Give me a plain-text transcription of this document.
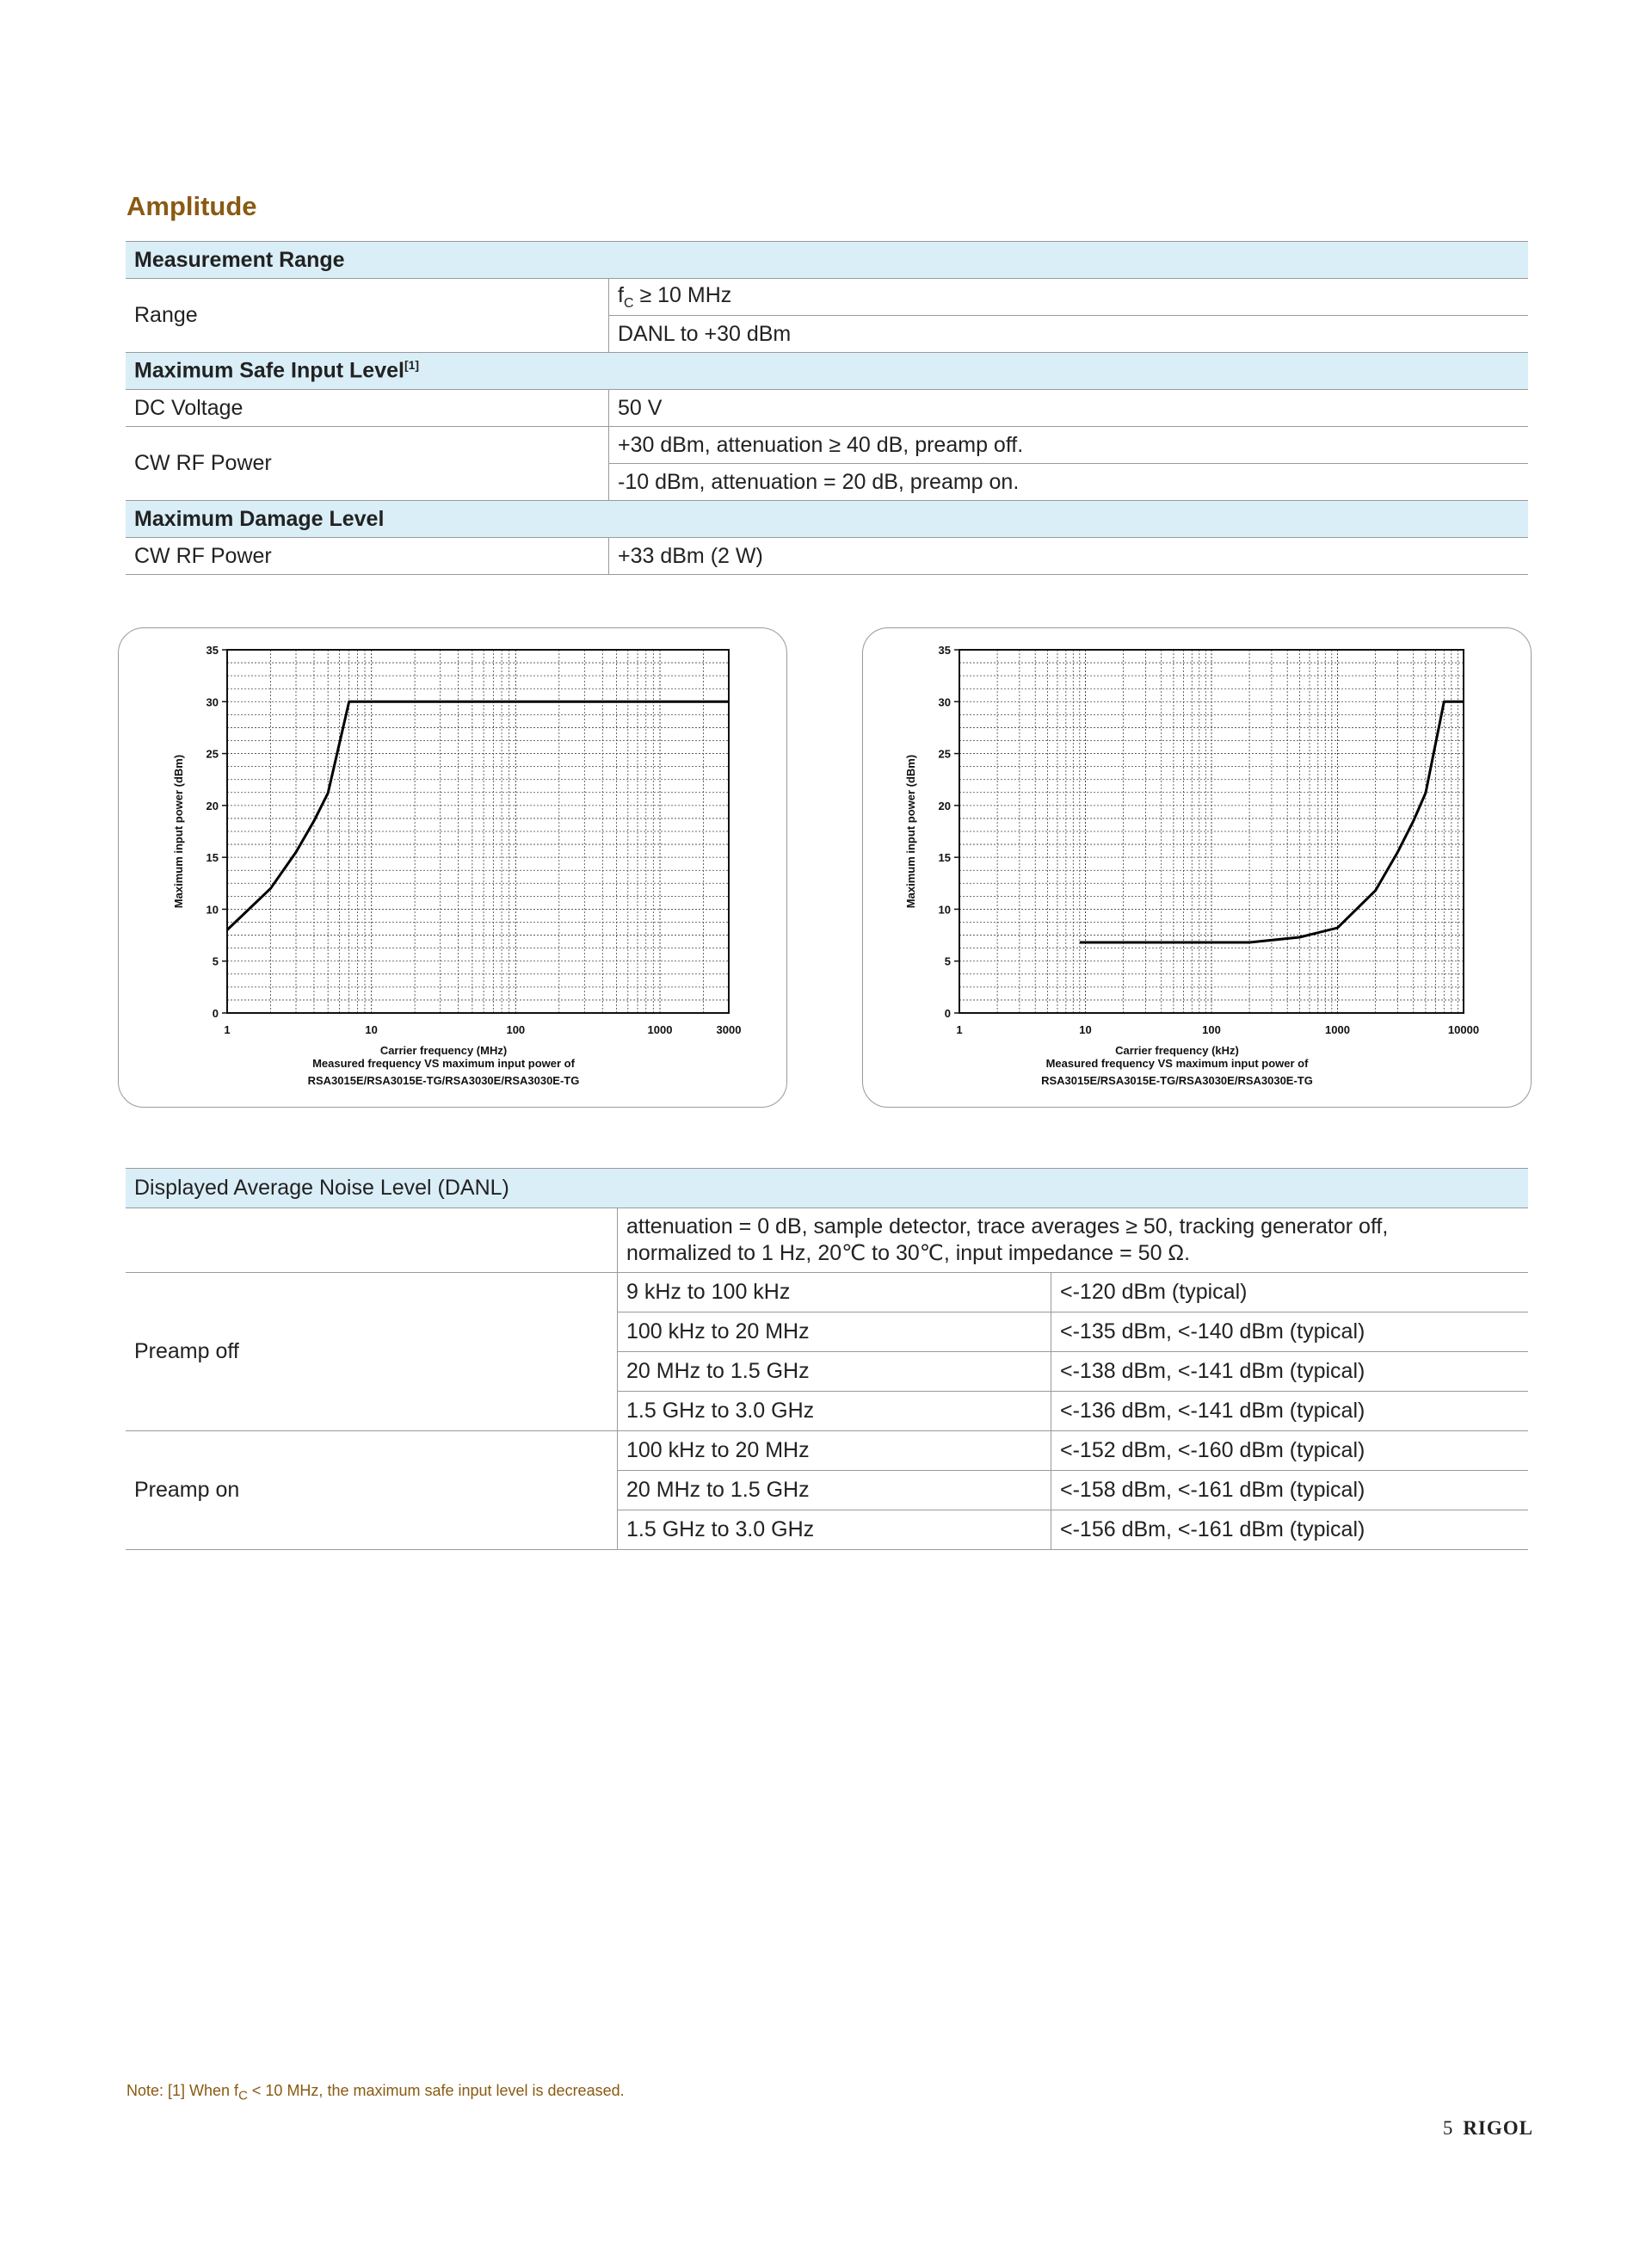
Amplitude
Measurement Range	
Range	$f_C \ge 10$ MHz
	DANL to +30 dBm
Maximum Safe Input Level[1]
DC Voltage	50 V
CW RF Power	+30 dBm, attenuation ≥ 40 dB, preamp off.
	-10 dBm, attenuation = 20 dB, preamp on.
Maximum Damage Level	
CW RF Power	+33 dBm (2 W)
0
5
10
15
20
25
30
35
1	10	100	1000	3000
Maximum input power (dBm)
Carrier frequency (MHz)
Measured frequency VS maximum input power of
RSA3015E/RSA3015E-TG/RSA3030E/RSA3030E-TG
0
5
10
15
20
25
30
35
1	10	100	1000	10000
Maximum input power (dBm)
Carrier frequency (kHz)
Measured frequency VS maximum input power of
RSA3015E/RSA3015E-TG/RSA3030E/RSA3030E-TG
Displayed Average Noise Level (DANL)		
	attenuation = 0 dB, sample detector, trace averages ≥ 50, tracking generator off,
normalized to 1 Hz, 20℃ to 30℃, input impedance = 50 Ω.	
Preamp off	9 kHz to 100 kHz	<-120 dBm (typical)
	100 kHz to 20 MHz	<-135 dBm, <-140 dBm (typical)
	20 MHz to 1.5 GHz	<-138 dBm, <-141 dBm (typical)
	1.5 GHz to 3.0 GHz	<-136 dBm, <-141 dBm (typical)
Preamp on	100 kHz to 20 MHz	<-152 dBm, <-160 dBm (typical)
	20 MHz to 1.5 GHz	<-158 dBm, <-161 dBm (typical)
	1.5 GHz to 3.0 GHz	<-156 dBm, <-161 dBm (typical)
Note: [1] When $f_C < 10$ MHz, the maximum safe input level is decreased.
5 RIGOL
